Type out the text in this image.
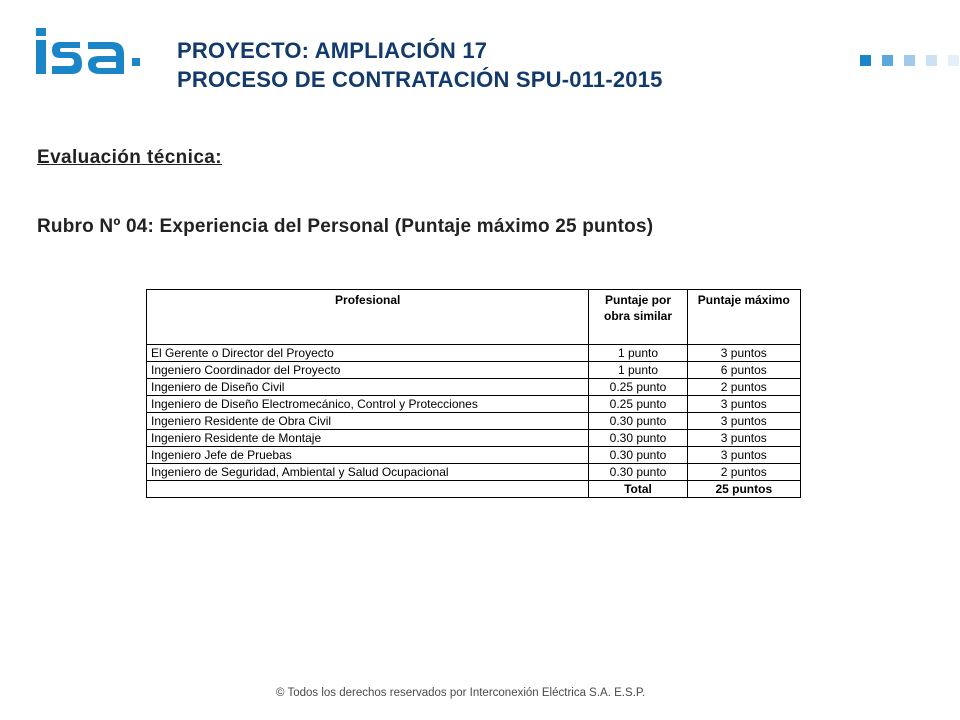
PROYECTO: AMPLIACIÓN 17
PROCESO DE CONTRATACIÓN SPU-011-2015
Evaluación técnica:
Rubro Nº 04: Experiencia del Personal (Puntaje máximo 25 puntos)
Profesional	Puntaje por obra similar	Puntaje máximo
El Gerente o Director del Proyecto	1 punto	3 puntos
Ingeniero Coordinador del Proyecto	1 punto	6 puntos
Ingeniero de Diseño Civil	0.25 punto	2 puntos
Ingeniero de Diseño Electromecánico, Control y Protecciones	0.25 punto	3 puntos
Ingeniero Residente de Obra Civil	0.30 punto	3 puntos
Ingeniero Residente de Montaje	0.30 punto	3 puntos
Ingeniero Jefe de Pruebas	0.30 punto	3 puntos
Ingeniero de Seguridad, Ambiental y Salud Ocupacional	0.30 punto	2 puntos
	Total	25 puntos
© Todos los derechos reservados por Interconexión Eléctrica S.A. E.S.P.
